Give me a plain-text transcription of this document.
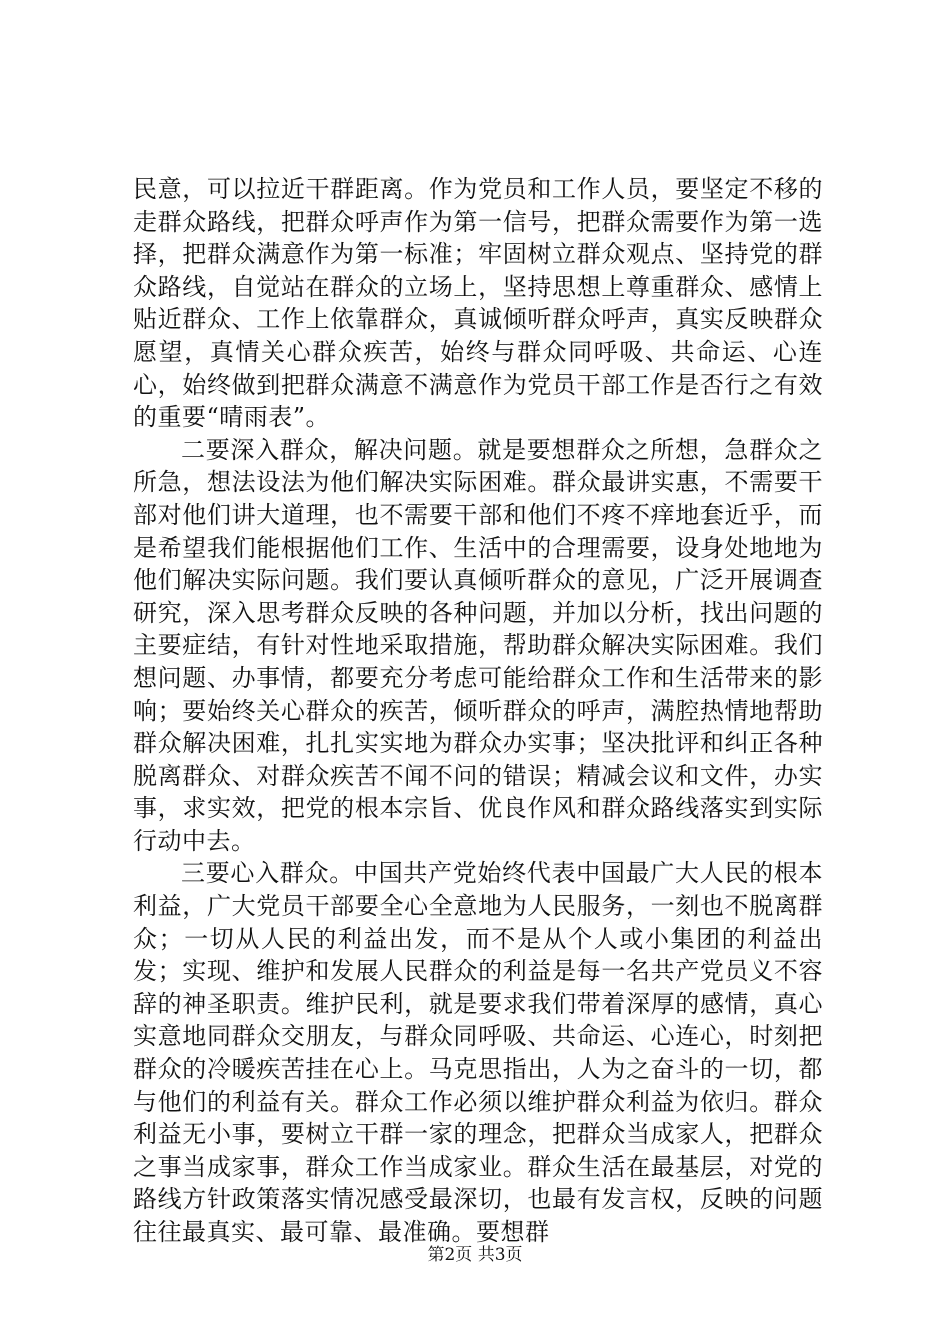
民意，可以拉近干群距离。作为党员和工作人员，要坚定不移的走群众路线，把群众呼声作为第一信号，把群众需要作为第一选择，把群众满意作为第一标准；牢固树立群众观点、坚持党的群众路线，自觉站在群众的立场上，坚持思想上尊重群众、感情上贴近群众、工作上依靠群众，真诚倾听群众呼声，真实反映群众愿望，真情关心群众疾苦，始终与群众同呼吸、共命运、心连心，始终做到把群众满意不满意作为党员干部工作是否行之有效的重要“晴雨表”。

二要深入群众，解决问题。就是要想群众之所想，急群众之所急，想法设法为他们解决实际困难。群众最讲实惠，不需要干部对他们讲大道理，也不需要干部和他们不疼不痒地套近乎，而是希望我们能根据他们工作、生活中的合理需要，设身处地地为他们解决实际问题。我们要认真倾听群众的意见，广泛开展调查研究，深入思考群众反映的各种问题，并加以分析，找出问题的主要症结，有针对性地采取措施，帮助群众解决实际困难。我们想问题、办事情，都要充分考虑可能给群众工作和生活带来的影响；要始终关心群众的疾苦，倾听群众的呼声，满腔热情地帮助群众解决困难，扎扎实实地为群众办实事；坚决批评和纠正各种脱离群众、对群众疾苦不闻不问的错误；精减会议和文件，办实事，求实效，把党的根本宗旨、优良作风和群众路线落实到实际行动中去。

三要心入群众。中国共产党始终代表中国最广大人民的根本利益，广大党员干部要全心全意地为人民服务，一刻也不脱离群众；一切从人民的利益出发，而不是从个人或小集团的利益出发；实现、维护和发展人民群众的利益是每一名共产党员义不容辞的神圣职责。维护民利，就是要求我们带着深厚的感情，真心实意地同群众交朋友，与群众同呼吸、共命运、心连心，时刻把群众的冷暖疾苦挂在心上。马克思指出，人为之奋斗的一切，都与他们的利益有关。群众工作必须以维护群众利益为依归。群众利益无小事，要树立干群一家的理念，把群众当成家人，把群众之事当成家事，群众工作当成家业。群众生活在最基层，对党的路线方针政策落实情况感受最深切，也最有发言权，反映的问题往往最真实、最可靠、最准确。要想群

第2页 共3页
